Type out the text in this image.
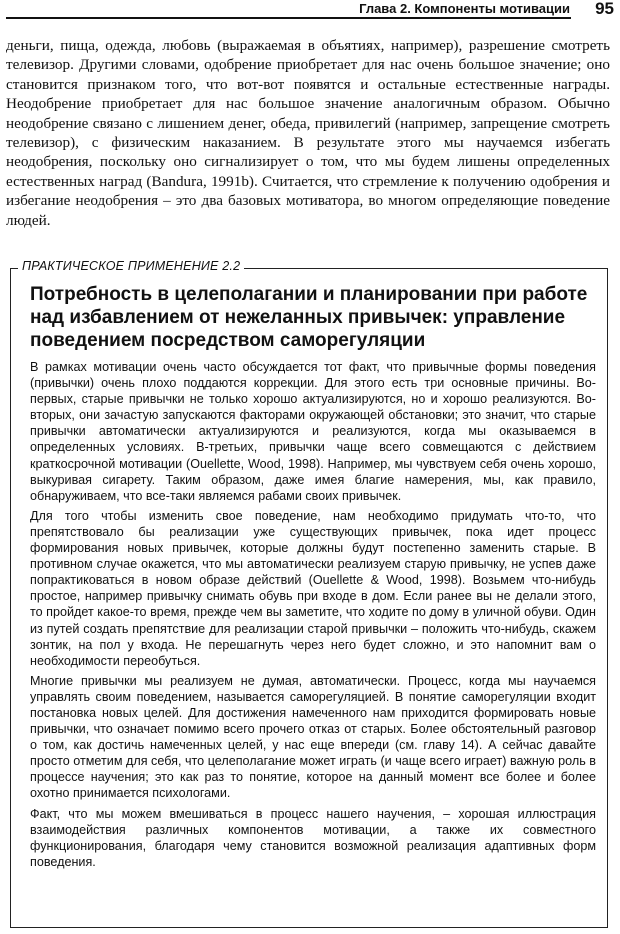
Глава 2. Компоненты мотивации 95

деньги, пища, одежда, любовь (выражаемая в объятиях, например), разрешение смотреть телевизор. Другими словами, одобрение приобретает для нас очень большое значение; оно становится признаком того, что вот-вот появятся и остальные естественные награды. Неодобрение приобретает для нас большое значение аналогичным образом. Обычно неодобрение связано с лишением денег, обеда, привилегий (например, запрещение смотреть телевизор), с физическим наказанием. В результате этого мы научаемся избегать неодобрения, поскольку оно сигнализирует о том, что мы будем лишены определенных естественных наград (Bandura, 1991b). Считается, что стремление к получению одобрения и избегание неодобрения – это два базовых мотиватора, во многом определяющие поведение людей.

ПРАКТИЧЕСКОЕ ПРИМЕНЕНИЕ 2.2
Потребность в целеполагании и планировании при работе над избавлением от нежеланных привычек: управление поведением посредством саморегуляции

В рамках мотивации очень часто обсуждается тот факт, что привычные формы поведения (привычки) очень плохо поддаются коррекции. Для этого есть три основные причины. Во-первых, старые привычки не только хорошо актуализируются, но и хорошо реализуются. Во-вторых, они зачастую запускаются факторами окружающей обстановки; это значит, что старые привычки автоматически актуализируются и реализуются, когда мы оказываемся в определенных условиях. В-третьих, привычки чаще всего совмещаются с действием краткосрочной мотивации (Ouellette, Wood, 1998). Например, мы чувствуем себя очень хорошо, выкуривая сигарету. Таким образом, даже имея благие намерения, мы, как правило, обнаруживаем, что все-таки являемся рабами своих привычек.

Для того чтобы изменить свое поведение, нам необходимо придумать что-то, что препятствовало бы реализации уже существующих привычек, пока идет процесс формирования новых привычек, которые должны будут постепенно заменить старые. В противном случае окажется, что мы автоматически реализуем старую привычку, не успев даже попрактиковаться в новом образе действий (Ouellette & Wood, 1998). Возьмем что-нибудь простое, например привычку снимать обувь при входе в дом. Если ранее вы не делали этого, то пройдет какое-то время, прежде чем вы заметите, что ходите по дому в уличной обуви. Один из путей создать препятствие для реализации старой привычки – положить что-нибудь, скажем зонтик, на пол у входа. Не перешагнуть через него будет сложно, и это напомнит вам о необходимости переобуться.

Многие привычки мы реализуем не думая, автоматически. Процесс, когда мы научаемся управлять своим поведением, называется саморегуляцией. В понятие саморегуляции входит постановка новых целей. Для достижения намеченного нам приходится формировать новые привычки, что означает помимо всего прочего отказ от старых. Более обстоятельный разговор о том, как достичь намеченных целей, у нас еще впереди (см. главу 14). А сейчас давайте просто отметим для себя, что целеполагание может играть (и чаще всего играет) важную роль в процессе научения; это как раз то понятие, которое на данный момент все более и более охотно принимается психологами.

Факт, что мы можем вмешиваться в процесс нашего научения, – хорошая иллюстрация взаимодействия различных компонентов мотивации, а также их совместного функционирования, благодаря чему становится возможной реализация адаптивных форм поведения.
